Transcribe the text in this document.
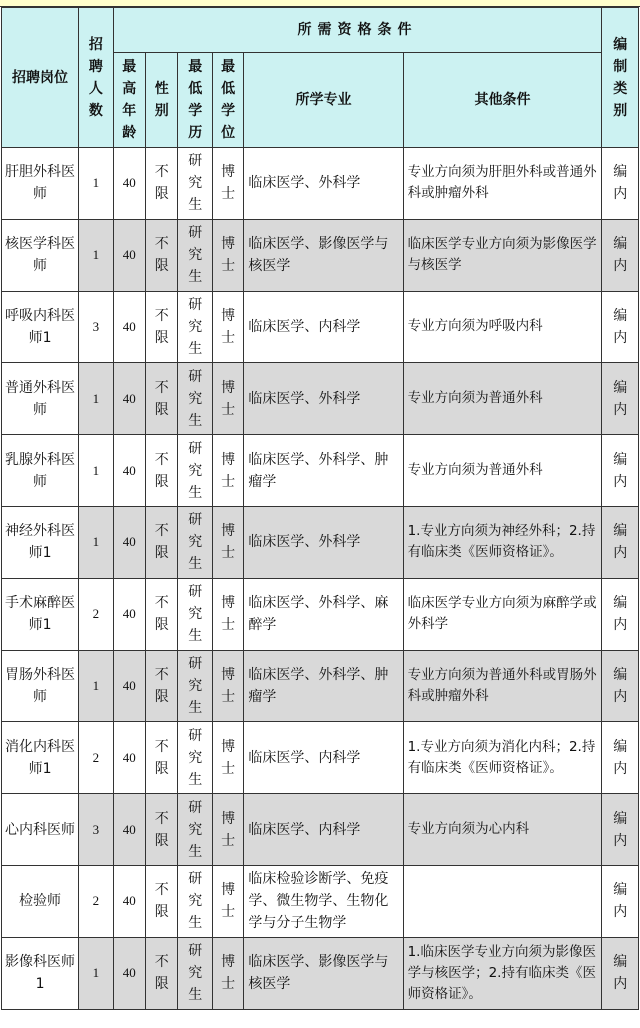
招聘岗位	招聘人数	所需资格条件						编制类别
		最高年龄	性别	最低学历	最低学位	所学专业	其他条件	
肝胆外科医师	1	40	不限	研究生	博士	临床医学、外科学	专业方向须为肝胆外科或普通外科或肿瘤外科	编内
核医学科医师	1	40	不限	研究生	博士	临床医学、影像医学与核医学	临床医学专业方向须为影像医学与核医学	编内
呼吸内科医师1	3	40	不限	研究生	博士	临床医学、内科学	专业方向须为呼吸内科	编内
普通外科医师	1	40	不限	研究生	博士	临床医学、外科学	专业方向须为普通外科	编内
乳腺外科医师	1	40	不限	研究生	博士	临床医学、外科学、肿瘤学	专业方向须为普通外科	编内
神经外科医师1	1	40	不限	研究生	博士	临床医学、外科学	1.专业方向须为神经外科；2.持有临床类《医师资格证》。	编内
手术麻醉医师1	2	40	不限	研究生	博士	临床医学、外科学、麻醉学	临床医学专业方向须为麻醉学或外科学	编内
胃肠外科医师	1	40	不限	研究生	博士	临床医学、外科学、肿瘤学	专业方向须为普通外科或胃肠外科或肿瘤外科	编内
消化内科医师1	2	40	不限	研究生	博士	临床医学、内科学	1.专业方向须为消化内科；2.持有临床类《医师资格证》。	编内
心内科医师	3	40	不限	研究生	博士	临床医学、内科学	专业方向须为心内科	编内
检验师	2	40	不限	研究生	博士	临床检验诊断学、免疫学、微生物学、生物化学与分子生物学		编内
影像科医师1	1	40	不限	研究生	博士	临床医学、影像医学与核医学	1.临床医学专业方向须为影像医学与核医学；2.持有临床类《医师资格证》。	编内
